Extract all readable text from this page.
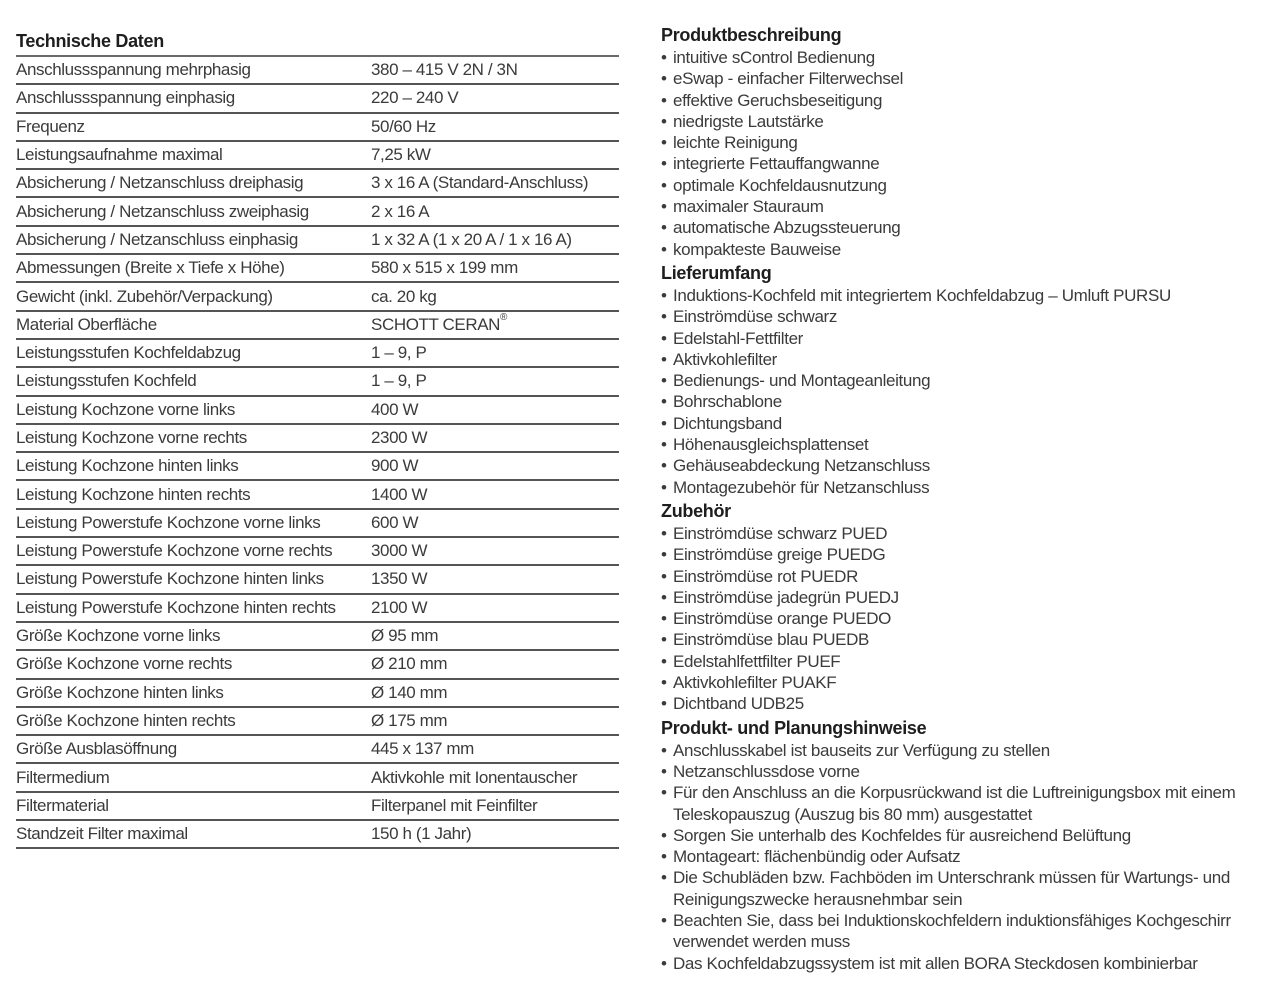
Technische Daten
Anschlussspannung mehrphasig	380 – 415 V 2N / 3N
Anschlussspannung einphasig	220 – 240 V
Frequenz	50/60 Hz
Leistungsaufnahme maximal	7,25 kW
Absicherung / Netzanschluss dreiphasig	3 x 16 A (Standard-Anschluss)
Absicherung / Netzanschluss zweiphasig	2 x 16 A
Absicherung / Netzanschluss einphasig	1 x 32 A (1 x 20 A / 1 x 16 A)
Abmessungen (Breite x Tiefe x Höhe)	580 x 515 x 199 mm
Gewicht (inkl. Zubehör/Verpackung)	ca. 20 kg
Material Oberfläche	SCHOTT CERAN®
Leistungsstufen Kochfeldabzug	1 – 9, P
Leistungsstufen Kochfeld	1 – 9, P
Leistung Kochzone vorne links	400 W
Leistung Kochzone vorne rechts	2300 W
Leistung Kochzone hinten links	900 W
Leistung Kochzone hinten rechts	1400 W
Leistung Powerstufe Kochzone vorne links	600 W
Leistung Powerstufe Kochzone vorne rechts	3000 W
Leistung Powerstufe Kochzone hinten links	1350 W
Leistung Powerstufe Kochzone hinten rechts	2100 W
Größe Kochzone vorne links	Ø 95 mm
Größe Kochzone vorne rechts	Ø 210 mm
Größe Kochzone hinten links	Ø 140 mm
Größe Kochzone hinten rechts	Ø 175 mm
Größe Ausblasöffnung	445 x 137 mm
Filtermedium	Aktivkohle mit Ionentauscher
Filtermaterial	Filterpanel mit Feinfilter
Standzeit Filter maximal	150 h (1 Jahr)
Produktbeschreibung
• intuitive sControl Bedienung
• eSwap - einfacher Filterwechsel
• effektive Geruchsbeseitigung
• niedrigste Lautstärke
• leichte Reinigung
• integrierte Fettauffangwanne
• optimale Kochfeldausnutzung
• maximaler Stauraum
• automatische Abzugssteuerung
• kompakteste Bauweise
Lieferumfang
• Induktions-Kochfeld mit integriertem Kochfeldabzug – Umluft PURSU
• Einströmdüse schwarz
• Edelstahl-Fettfilter
• Aktivkohlefilter
• Bedienungs- und Montageanleitung
• Bohrschablone
• Dichtungsband
• Höhenausgleichsplattenset
• Gehäuseabdeckung Netzanschluss
• Montagezubehör für Netzanschluss
Zubehör
• Einströmdüse schwarz PUED
• Einströmdüse greige PUEDG
• Einströmdüse rot PUEDR
• Einströmdüse jadegrün PUEDJ
• Einströmdüse orange PUEDO
• Einströmdüse blau PUEDB
• Edelstahlfettfilter PUEF
• Aktivkohlefilter PUAKF
• Dichtband UDB25
Produkt- und Planungshinweise
• Anschlusskabel ist bauseits zur Verfügung zu stellen
• Netzanschlussdose vorne
• Für den Anschluss an die Korpusrückwand ist die Luftreinigungsbox mit einem Teleskopauszug (Auszug bis 80 mm) ausgestattet
• Sorgen Sie unterhalb des Kochfeldes für ausreichend Belüftung
• Montageart: flächenbündig oder Aufsatz
• Die Schubläden bzw. Fachböden im Unterschrank müssen für Wartungs- und Reinigungszwecke herausnehmbar sein
• Beachten Sie, dass bei Induktionskochfeldern induktionsfähiges Kochgeschirr verwendet werden muss
• Das Kochfeldabzugssystem ist mit allen BORA Steckdosen kombinierbar
